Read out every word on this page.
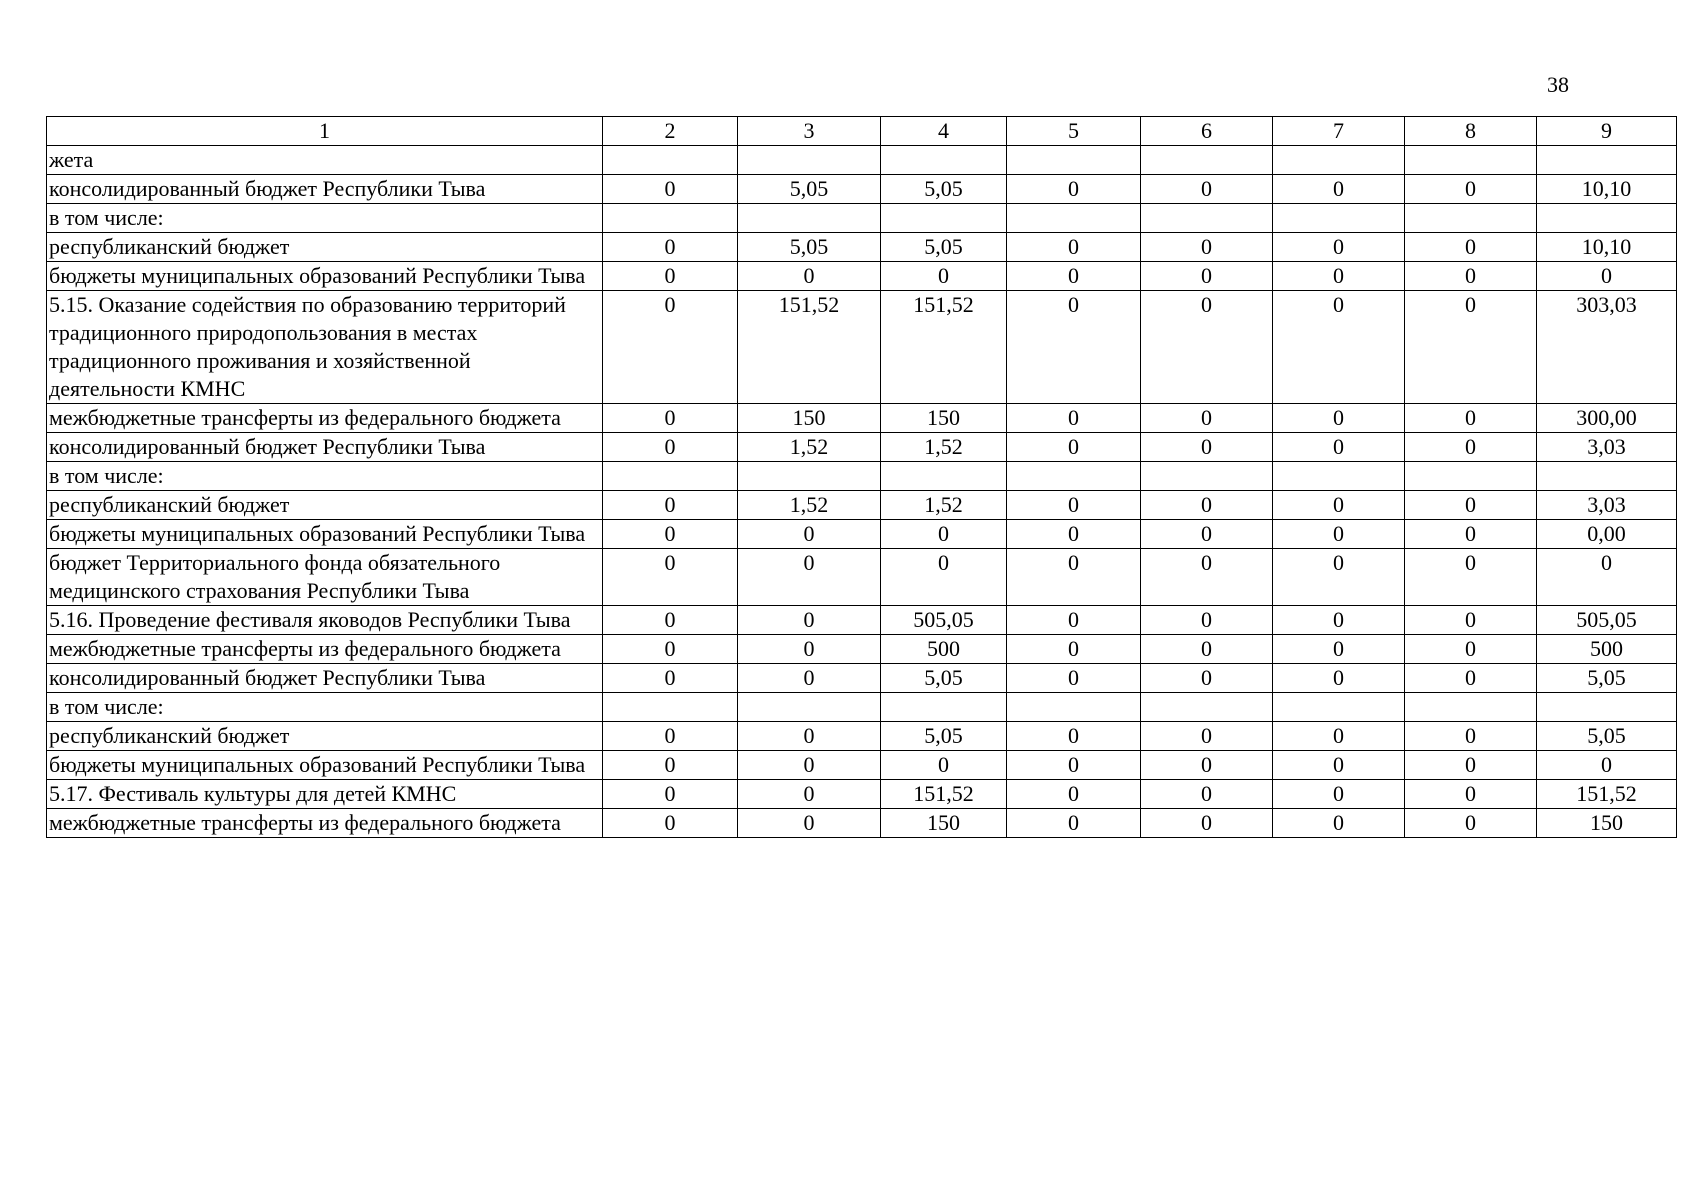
38
1	2	3	4	5	6	7	8	9
жета								
консолидированный бюджет Республики Тыва	0	5,05	5,05	0	0	0	0	10,10
в том числе:								
республиканский бюджет	0	5,05	5,05	0	0	0	0	10,10
бюджеты муниципальных образований Республики Тыва	0	0	0	0	0	0	0	0
5.15. Оказание содействия по образованию территорий традиционного природопользования в местах традиционного проживания и хозяйственной деятельности КМНС	0	151,52	151,52	0	0	0	0	303,03
межбюджетные трансферты из федерального бюджета	0	150	150	0	0	0	0	300,00
консолидированный бюджет Республики Тыва	0	1,52	1,52	0	0	0	0	3,03
в том числе:								
республиканский бюджет	0	1,52	1,52	0	0	0	0	3,03
бюджеты муниципальных образований Республики Тыва	0	0	0	0	0	0	0	0,00
бюджет Территориального фонда обязательного медицинского страхования Республики Тыва	0	0	0	0	0	0	0	0
5.16. Проведение фестиваля яководов Республики Тыва	0	0	505,05	0	0	0	0	505,05
межбюджетные трансферты из федерального бюджета	0	0	500	0	0	0	0	500
консолидированный бюджет Республики Тыва	0	0	5,05	0	0	0	0	5,05
в том числе:								
республиканский бюджет	0	0	5,05	0	0	0	0	5,05
бюджеты муниципальных образований Республики Тыва	0	0	0	0	0	0	0	0
5.17. Фестиваль культуры для детей КМНС	0	0	151,52	0	0	0	0	151,52
межбюджетные трансферты из федерального бюджета	0	0	150	0	0	0	0	150
